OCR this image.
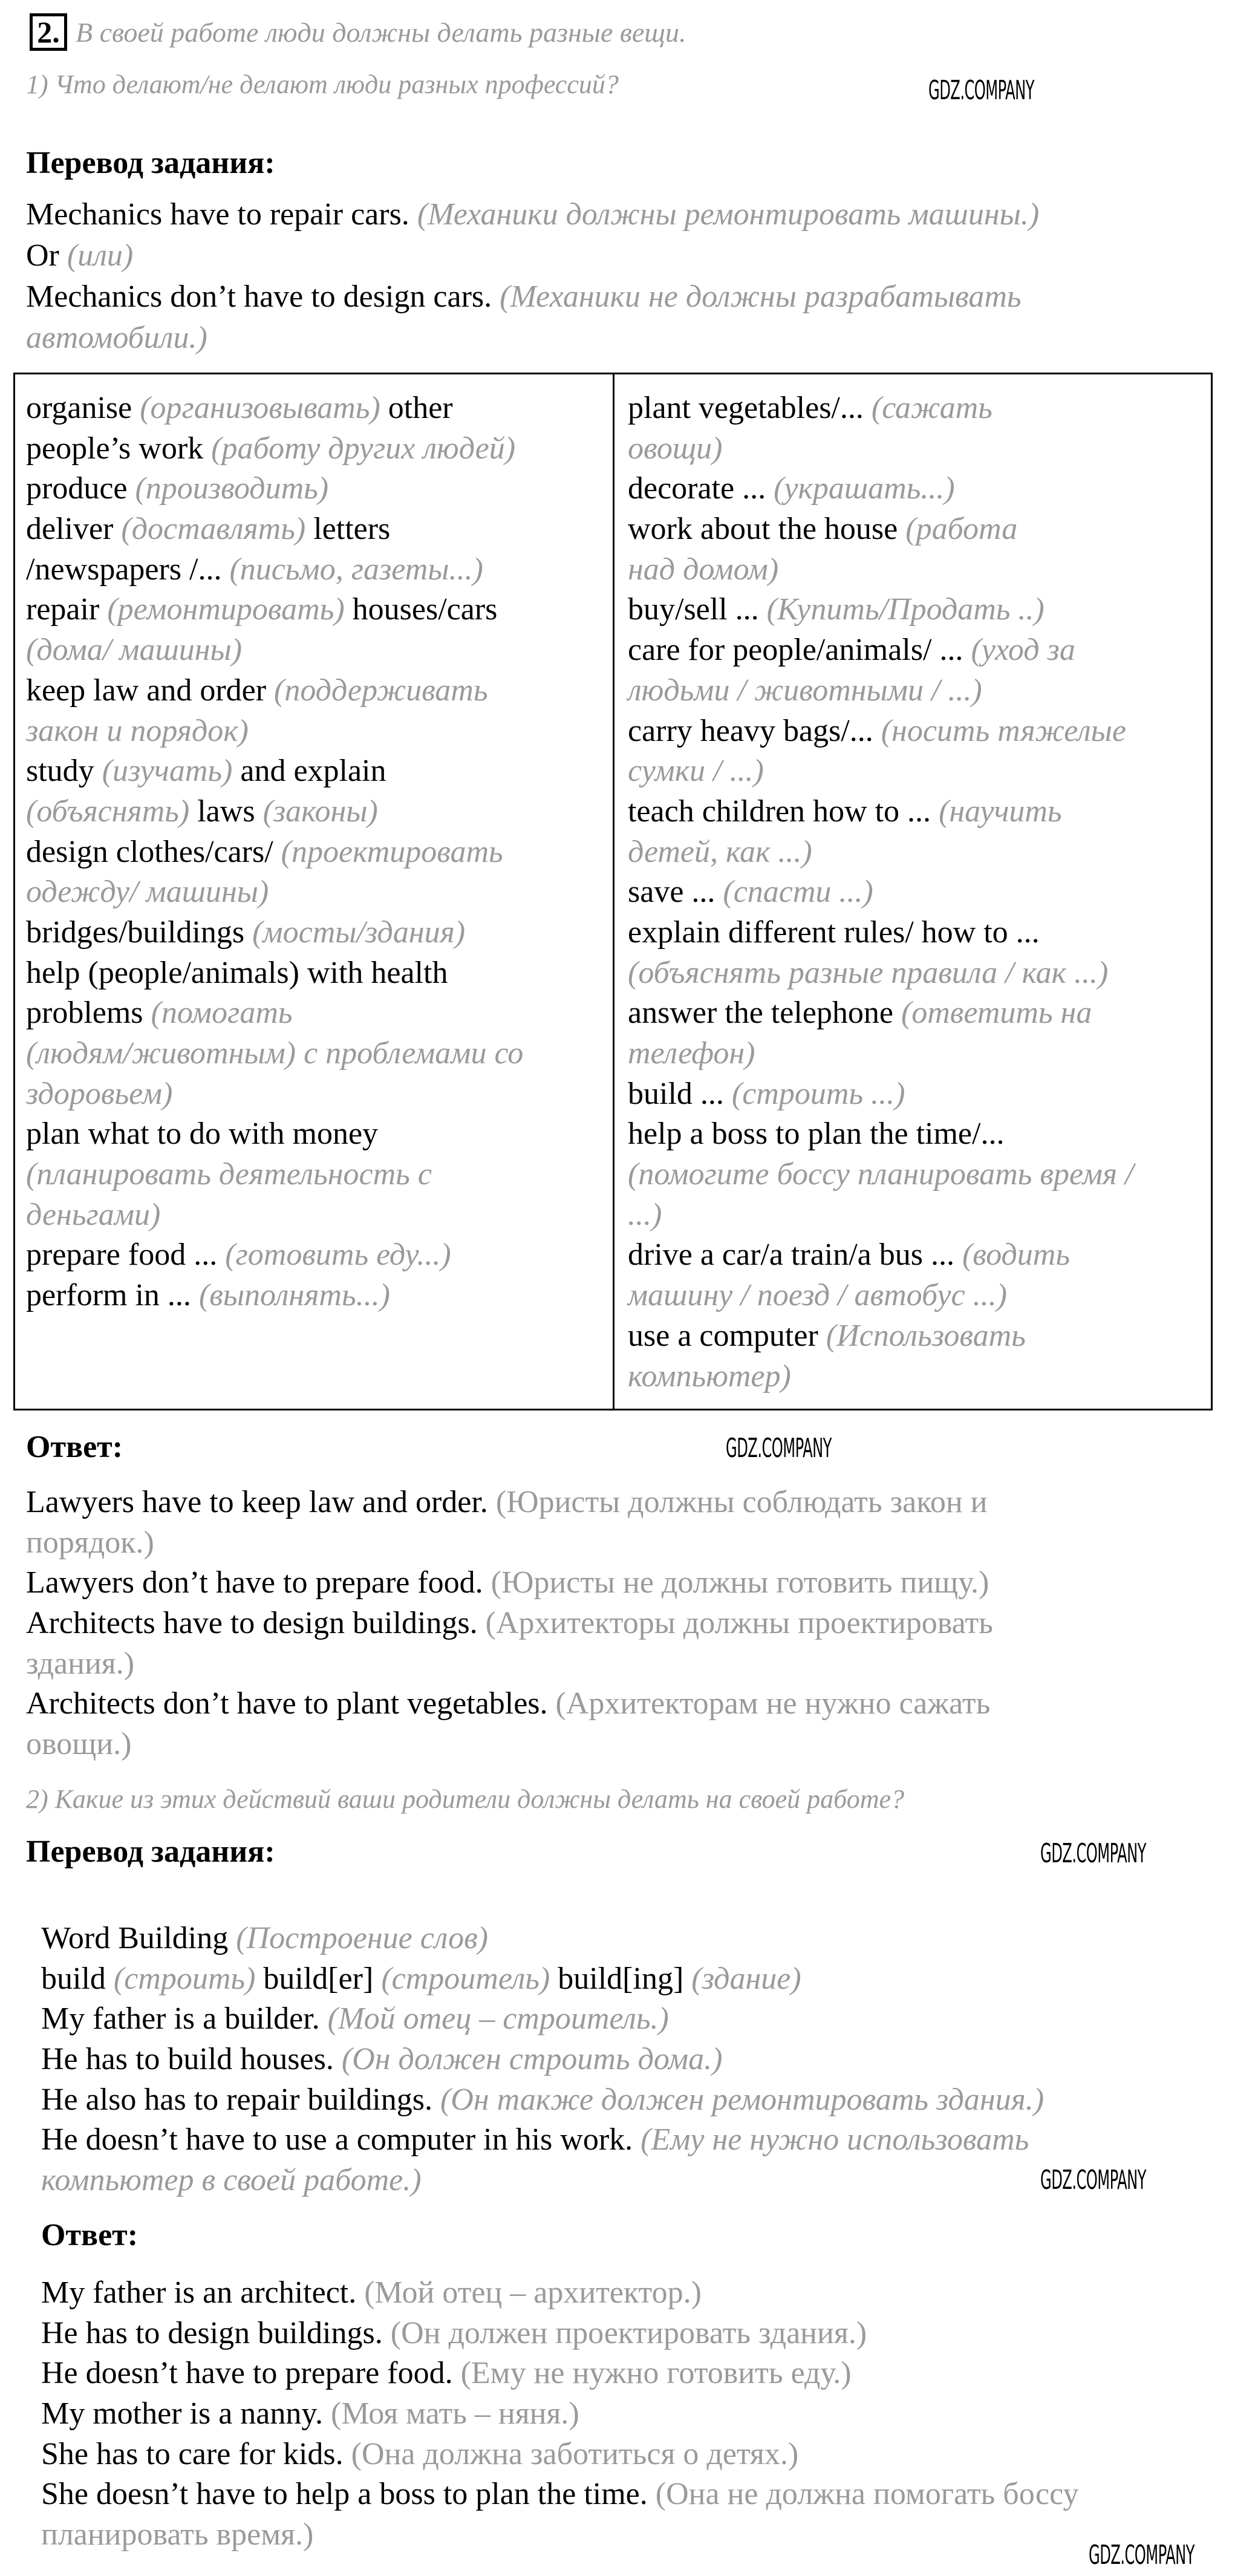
2. В своей работе люди должны делать разные вещи.
1) Что делают/не делают люди разных профессий?
Перевод задания:
Mechanics have to repair cars. (Механики должны ремонтировать машины.)
Or (или)
Mechanics don’t have to design cars. (Механики не должны разрабатывать
автомобили.)
organise (организовывать) other
people’s work (работу других людей)
produce (производить)
deliver (доставлять) letters
/newspapers /... (письмо, газеты...)
repair (ремонтировать) houses/cars
(дома/ машины)
keep law and order (поддерживать
закон и порядок)
study (изучать) and explain
(объяснять) laws (законы)
design clothes/cars/ (проектировать
одежду/ машины)
bridges/buildings (мосты/здания)
help (people/animals) with health
problems (помогать
(людям/животным) с проблемами со
здоровьем)
plan what to do with money
(планировать деятельность с
деньгами)
prepare food ... (готовить еду...)
perform in ... (выполнять...)
plant vegetables/... (сажать
овощи)
decorate ... (украшать...)
work about the house (работа
над домом)
buy/sell ... (Купить/Продать ..)
care for people/animals/ ... (уход за
людьми / животными / ...)
carry heavy bags/... (носить тяжелые
сумки / ...)
teach children how to ... (научить
детей, как ...)
save ... (спасти ...)
explain different rules/ how to ...
(объяснять разные правила / как ...)
answer the telephone (ответить на
телефон)
build ... (строить ...)
help a boss to plan the time/...
(помогите боссу планировать время /
...)
drive a car/a train/a bus ... (водить
машину / поезд / автобус ...)
use a computer (Использовать
компьютер)
Ответ:
Lawyers have to keep law and order. (Юристы должны соблюдать закон и
порядок.)
Lawyers don’t have to prepare food. (Юристы не должны готовить пищу.)
Architects have to design buildings. (Архитекторы должны проектировать
здания.)
Architects don’t have to plant vegetables. (Архитекторам не нужно сажать
овощи.)
2) Какие из этих действий ваши родители должны делать на своей работе?
Перевод задания:
Word Building (Построение слов)
build (строить) build[er] (строитель) build[ing] (здание)
My father is a builder. (Мой отец – строитель.)
He has to build houses. (Он должен строить дома.)
He also has to repair buildings. (Он также должен ремонтировать здания.)
He doesn’t have to use a computer in his work. (Ему не нужно использовать
компьютер в своей работе.)
Ответ:
My father is an architect. (Мой отец – архитектор.)
He has to design buildings. (Он должен проектировать здания.)
He doesn’t have to prepare food. (Ему не нужно готовить еду.)
My mother is a nanny. (Моя мать – няня.)
She has to care for kids. (Она должна заботиться о детях.)
She doesn’t have to help a boss to plan the time. (Она не должна помогать боссу
планировать время.)
GDZ.COMPANY
GDZ.COMPANY
GDZ.COMPANY
GDZ.COMPANY
GDZ.COMPANY
